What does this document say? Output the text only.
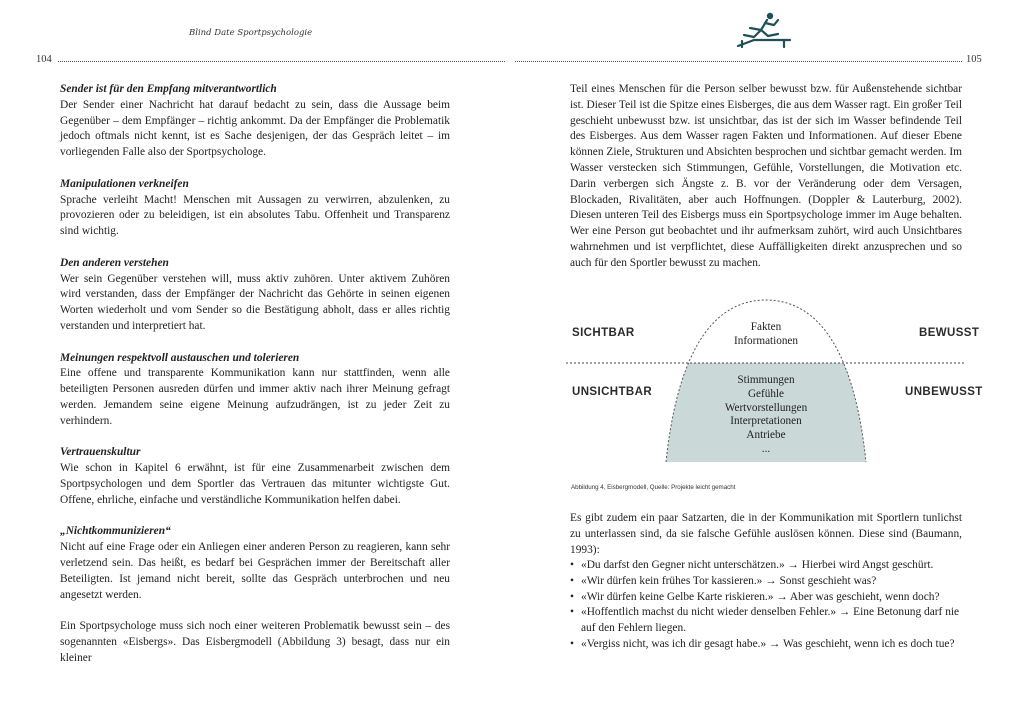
Blind Date Sportpsychologie
104	105

Sender ist für den Empfang mitverantwortlich

Der Sender einer Nachricht hat darauf bedacht zu sein, dass die Aussage beim Gegenüber – dem Empfänger – richtig ankommt. Da der Empfänger die Problematik jedoch oftmals nicht kennt, ist es Sache desjenigen, der das Gespräch leitet – im vorliegenden Falle also der Sportpsychologe.

Manipulationen verkneifen

Sprache verleiht Macht! Menschen mit Aussagen zu verwirren, abzulenken, zu provozieren oder zu beleidigen, ist ein absolutes Tabu. Offenheit und Transparenz sind wichtig.

Den anderen verstehen

Wer sein Gegenüber verstehen will, muss aktiv zuhören. Unter aktivem Zuhören wird verstanden, dass der Empfänger der Nachricht das Gehörte in seinen eigenen Worten wiederholt und vom Sender so die Bestätigung abholt, dass er alles richtig verstanden und interpretiert hat.

Meinungen respektvoll austauschen und tolerieren

Eine offene und transparente Kommunikation kann nur stattfinden, wenn alle beteiligten Personen ausreden dürfen und immer aktiv nach ihrer Meinung gefragt werden. Jemandem seine eigene Meinung aufzudrängen, ist zu jeder Zeit zu verhindern.

Vertrauenskultur

Wie schon in Kapitel 6 erwähnt, ist für eine Zusammenarbeit zwischen dem Sportpsychologen und dem Sportler das Vertrauen das mitunter wichtigste Gut. Offene, ehrliche, einfache und verständliche Kommunikation helfen dabei.

„Nichtkommunizieren“

Nicht auf eine Frage oder ein Anliegen einer anderen Person zu reagieren, kann sehr verletzend sein. Das heißt, es bedarf bei Gesprächen immer der Bereitschaft aller Beteiligten. Ist jemand nicht bereit, sollte das Gespräch unterbrochen und neu angesetzt werden.

Ein Sportpsychologe muss sich noch einer weiteren Problematik bewusst sein – des sogenannten «Eisbergs». Das Eisbergmodell (Abbildung 3) besagt, dass nur ein kleiner

Teil eines Menschen für die Person selber bewusst bzw. für Außenstehende sichtbar ist. Dieser Teil ist die Spitze eines Eisberges, die aus dem Wasser ragt. Ein großer Teil geschieht unbewusst bzw. ist unsichtbar, das ist der sich im Wasser befindende Teil des Eisberges. Aus dem Wasser ragen Fakten und Informationen. Auf dieser Ebene können Ziele, Strukturen und Absichten besprochen und sichtbar gemacht werden. Im Wasser verstecken sich Stimmungen, Gefühle, Vorstellungen, die Motivation etc. Darin verbergen sich Ängste z. B. vor der Veränderung oder dem Versagen, Blockaden, Rivalitäten, aber auch Hoffnungen. (Doppler & Lauterburg, 2002). Diesen unteren Teil des Eisbergs muss ein Sportpsychologe immer im Auge behalten. Wer eine Person gut beobachtet und ihr aufmerksam zuhört, wird auch Unsichtbares wahrnehmen und ist verpflichtet, diese Auffälligkeiten direkt anzusprechen und so auch für den Sportler bewusst zu machen.

SICHTBAR	BEWUSST
UNSICHTBAR	UNBEWUSST
Fakten
Informationen
Stimmungen
Gefühle
Wertvorstellungen
Interpretationen
Antriebe
...
Abbildung 4, Eisbergmodell, Quelle: Projekte leicht gemacht

Es gibt zudem ein paar Satzarten, die in der Kommunikation mit Sportlern tunlichst zu unterlassen sind, da sie falsche Gefühle auslösen können. Diese sind (Baumann, 1993):

• «Du darfst den Gegner nicht unterschätzen.» → Hierbei wird Angst geschürt.
• «Wir dürfen kein frühes Tor kassieren.» → Sonst geschieht was?
• «Wir dürfen keine Gelbe Karte riskieren.» → Aber was geschieht, wenn doch?
• «Hoffentlich machst du nicht wieder denselben Fehler.» → Eine Betonung darf nie auf den Fehlern liegen.
• «Vergiss nicht, was ich dir gesagt habe.» → Was geschieht, wenn ich es doch tue?
